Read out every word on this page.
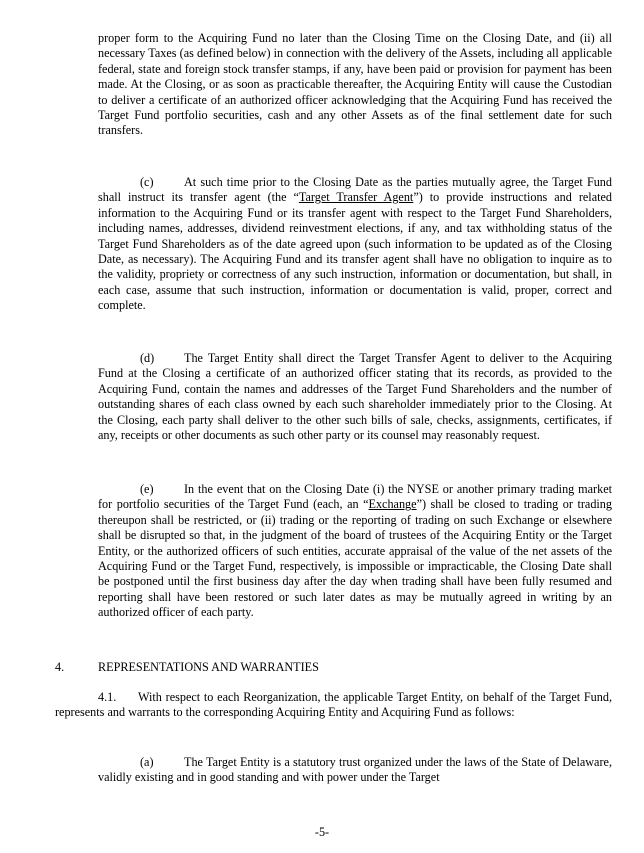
proper form to the Acquiring Fund no later than the Closing Time on the Closing Date, and (ii) all necessary Taxes (as defined below) in connection with the delivery of the Assets, including all applicable federal, state and foreign stock transfer stamps, if any, have been paid or provision for payment has been made. At the Closing, or as soon as practicable thereafter, the Acquiring Entity will cause the Custodian to deliver a certificate of an authorized officer acknowledging that the Acquiring Fund has received the Target Fund portfolio securities, cash and any other Assets as of the final settlement date for such transfers.

(c) At such time prior to the Closing Date as the parties mutually agree, the Target Fund shall instruct its transfer agent (the “Target Transfer Agent”) to provide instructions and related information to the Acquiring Fund or its transfer agent with respect to the Target Fund Shareholders, including names, addresses, dividend reinvestment elections, if any, and tax withholding status of the Target Fund Shareholders as of the date agreed upon (such information to be updated as of the Closing Date, as necessary). The Acquiring Fund and its transfer agent shall have no obligation to inquire as to the validity, propriety or correctness of any such instruction, information or documentation, but shall, in each case, assume that such instruction, information or documentation is valid, proper, correct and complete.

(d) The Target Entity shall direct the Target Transfer Agent to deliver to the Acquiring Fund at the Closing a certificate of an authorized officer stating that its records, as provided to the Acquiring Fund, contain the names and addresses of the Target Fund Shareholders and the number of outstanding shares of each class owned by each such shareholder immediately prior to the Closing. At the Closing, each party shall deliver to the other such bills of sale, checks, assignments, certificates, if any, receipts or other documents as such other party or its counsel may reasonably request.

(e) In the event that on the Closing Date (i) the NYSE or another primary trading market for portfolio securities of the Target Fund (each, an “Exchange”) shall be closed to trading or trading thereupon shall be restricted, or (ii) trading or the reporting of trading on such Exchange or elsewhere shall be disrupted so that, in the judgment of the board of trustees of the Acquiring Entity or the Target Entity, or the authorized officers of such entities, accurate appraisal of the value of the net assets of the Acquiring Fund or the Target Fund, respectively, is impossible or impracticable, the Closing Date shall be postponed until the first business day after the day when trading shall have been fully resumed and reporting shall have been restored or such later dates as may be mutually agreed in writing by an authorized officer of each party.

4.	REPRESENTATIONS AND WARRANTIES

4.1. With respect to each Reorganization, the applicable Target Entity, on behalf of the Target Fund, represents and warrants to the corresponding Acquiring Entity and Acquiring Fund as follows:

(a) The Target Entity is a statutory trust organized under the laws of the State of Delaware, validly existing and in good standing and with power under the Target

-5-
